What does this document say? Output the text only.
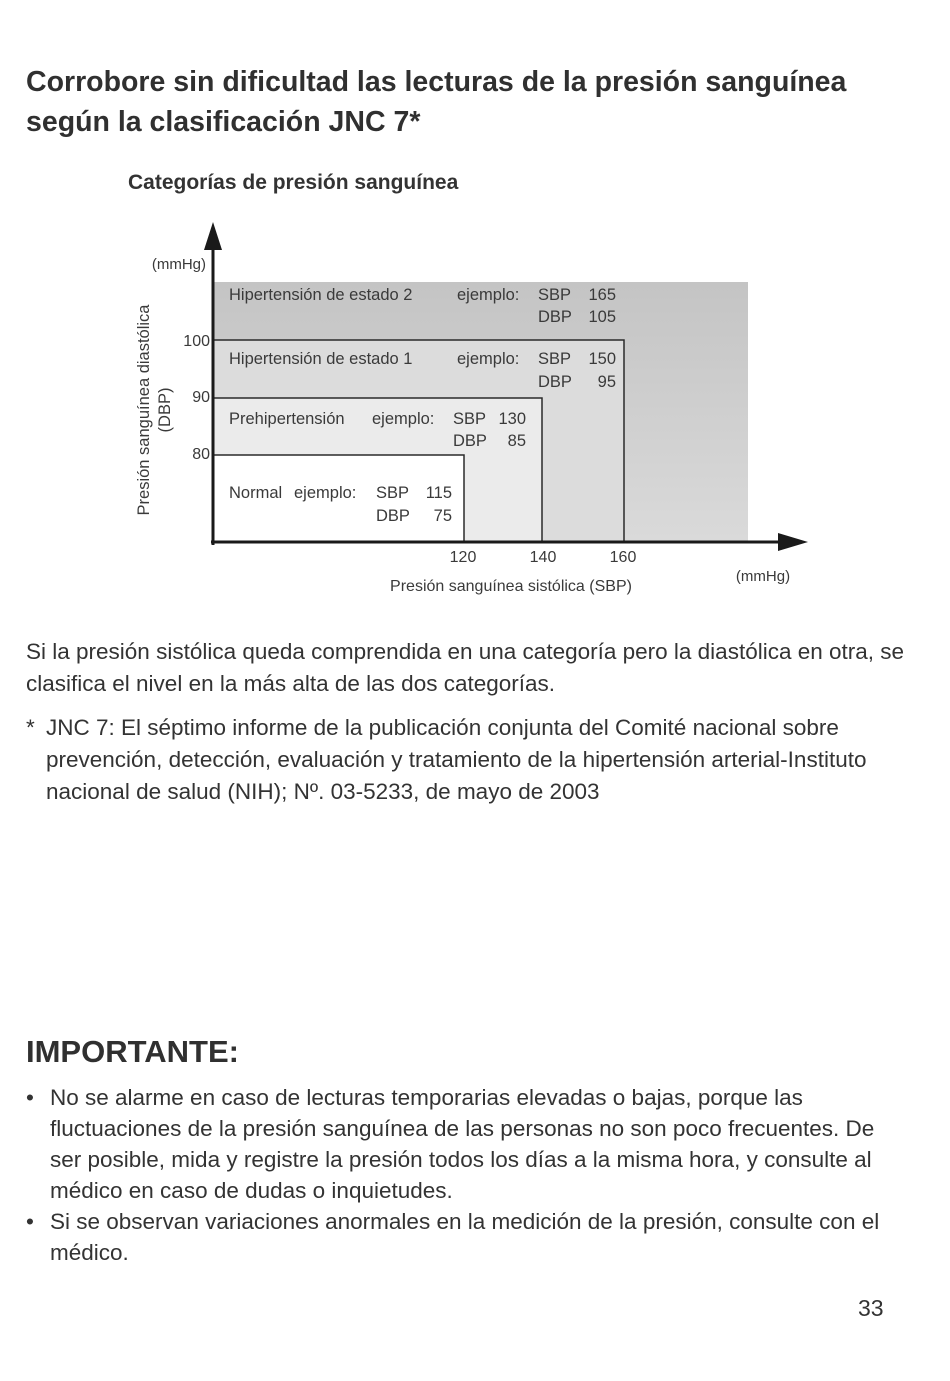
Corrobore sin dificultad las lecturas de la presión sanguínea según la clasificación JNC 7*
Categorías de presión sanguínea
(mmHg)
Presión sanguínea diastólica (DBP)
100
90
80
120	140	160
Presión sanguínea sistólica (SBP)
(mmHg)
Hipertensión de estado 2	ejemplo: SBP 165
DBP 105
Hipertensión de estado 1	ejemplo: SBP 150
DBP 95
Prehipertensión ejemplo: SBP 130
DBP 85
Normal ejemplo: SBP 115
DBP 75

Si la presión sistólica queda comprendida en una categoría pero la diastólica en otra, se clasifica el nivel en la más alta de las dos categorías.

* JNC 7: El séptimo informe de la publicación conjunta del Comité nacional sobre prevención, detección, evaluación y tratamiento de la hipertensión arterial-Instituto nacional de salud (NIH); Nº. 03-5233, de mayo de 2003
IMPORTANTE:
• No se alarme en caso de lecturas temporarias elevadas o bajas, porque las fluctuaciones de la presión sanguínea de las personas no son poco frecuentes. De ser posible, mida y registre la presión todos los días a la misma hora, y consulte al médico en caso de dudas o inquietudes.
• Si se observan variaciones anormales en la medición de la presión, consulte con el médico.
33
